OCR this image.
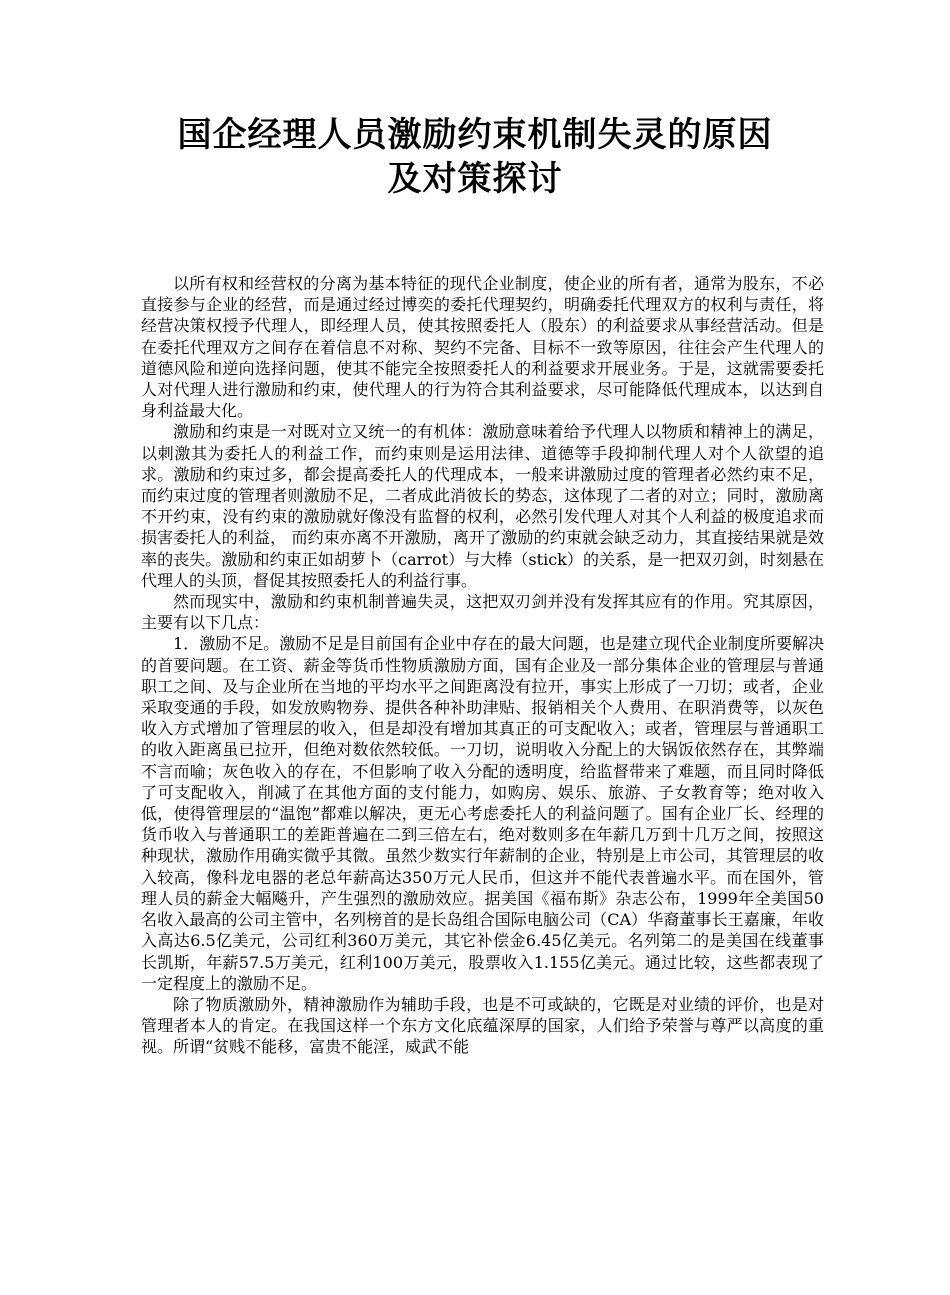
国企经理人员激励约束机制失灵的原因
及对策探讨

以所有权和经营权的分离为基本特征的现代企业制度，使企业的所有者，通常为股东，不必直接参与企业的经营，而是通过经过博奕的委托代理契约，明确委托代理双方的权利与责任，将经营决策权授予代理人，即经理人员，使其按照委托人（股东）的利益要求从事经营活动。但是在委托代理双方之间存在着信息不对称、契约不完备、目标不一致等原因，往往会产生代理人的道德风险和逆向选择问题，使其不能完全按照委托人的利益要求开展业务。于是，这就需要委托人对代理人进行激励和约束，使代理人的行为符合其利益要求，尽可能降低代理成本，以达到自身利益最大化。

激励和约束是一对既对立又统一的有机体：激励意味着给予代理人以物质和精神上的满足，以刺激其为委托人的利益工作，而约束则是运用法律、道德等手段抑制代理人对个人欲望的追求。激励和约束过多，都会提高委托人的代理成本，一般来讲激励过度的管理者必然约束不足，而约束过度的管理者则激励不足，二者成此消彼长的势态，这体现了二者的对立；同时，激励离不开约束，没有约束的激励就好像没有监督的权利，必然引发代理人对其个人利益的极度追求而损害委托人的利益， 而约束亦离不开激励，离开了激励的约束就会缺乏动力，其直接结果就是效率的丧失。激励和约束正如胡萝卜（carrot）与大棒（stick）的关系，是一把双刃剑，时刻悬在代理人的头顶，督促其按照委托人的利益行事。

然而现实中，激励和约束机制普遍失灵，这把双刃剑并没有发挥其应有的作用。究其原因，主要有以下几点：

1．激励不足。激励不足是目前国有企业中存在的最大问题，也是建立现代企业制度所要解决的首要问题。在工资、薪金等货币性物质激励方面，国有企业及一部分集体企业的管理层与普通职工之间、及与企业所在当地的平均水平之间距离没有拉开，事实上形成了一刀切；或者，企业采取变通的手段，如发放购物券、提供各种补助津贴、报销相关个人费用、在职消费等，以灰色收入方式增加了管理层的收入，但是却没有增加其真正的可支配收入；或者，管理层与普通职工的收入距离虽已拉开，但绝对数依然较低。一刀切，说明收入分配上的大锅饭依然存在，其弊端不言而喻；灰色收入的存在，不但影响了收入分配的透明度，给监督带来了难题，而且同时降低了可支配收入，削减了在其他方面的支付能力，如购房、娱乐、旅游、子女教育等；绝对收入低，使得管理层的“温饱”都难以解决，更无心考虑委托人的利益问题了。国有企业厂长、经理的货币收入与普通职工的差距普遍在二到三倍左右，绝对数则多在年薪几万到十几万之间，按照这种现状，激励作用确实微乎其微。虽然少数实行年薪制的企业，特别是上市公司，其管理层的收入较高，像科龙电器的老总年薪高达350万元人民币，但这并不能代表普遍水平。而在国外，管理人员的薪金大幅飚升，产生强烈的激励效应。据美国《福布斯》杂志公布，1999年全美国50名收入最高的公司主管中，名列榜首的是长岛组合国际电脑公司（CA）华裔董事长王嘉廉，年收入高达6.5亿美元，公司红利360万美元，其它补偿金6.45亿美元。名列第二的是美国在线董事长凯斯，年薪57.5万美元，红利100万美元，股票收入1.155亿美元。通过比较，这些都表现了一定程度上的激励不足。

除了物质激励外，精神激励作为辅助手段，也是不可或缺的，它既是对业绩的评价，也是对管理者本人的肯定。在我国这样一个东方文化底蕴深厚的国家，人们给予荣誉与尊严以高度的重视。所谓“贫贱不能移，富贵不能淫，威武不能
